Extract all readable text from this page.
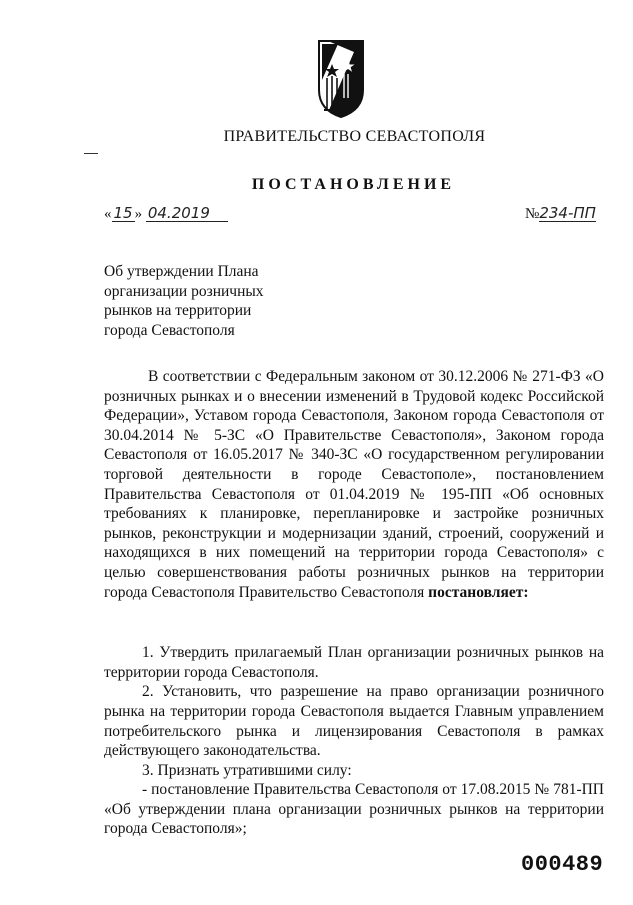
ПРАВИТЕЛЬСТВО СЕВАСТОПОЛЯ
ПОСТАНОВЛЕНИЕ
« 15 » 04.2019	№234-ПП
Об утверждении Плана
организации розничных
рынков на территории
города Севастополя

В соответствии с Федеральным законом от 30.12.2006 № 271-ФЗ «О розничных рынках и о внесении изменений в Трудовой кодекс Российской Федерации», Уставом города Севастополя, Законом города Севастополя от 30.04.2014 № 5-ЗС «О Правительстве Севастополя», Законом города Севастополя от 16.05.2017 № 340-ЗС «О государственном регулировании торговой деятельности в городе Севастополе», постановлением Правительства Севастополя от 01.04.2019 № 195-ПП «Об основных требованиях к планировке, перепланировке и застройке розничных рынков, реконструкции и модернизации зданий, строений, сооружений и находящихся в них помещений на территории города Севастополя» с целью совершенствования работы розничных рынков на территории города Севастополя Правительство Севастополя постановляет:

1. Утвердить прилагаемый План организации розничных рынков на территории города Севастополя.

2. Установить, что разрешение на право организации розничного рынка на территории города Севастополя выдается Главным управлением потребительского рынка и лицензирования Севастополя в рамках действующего законодательства.

3. Признать утратившими силу:

- постановление Правительства Севастополя от 17.08.2015 № 781-ПП «Об утверждении плана организации розничных рынков на территории города Севастополя»;

000489
